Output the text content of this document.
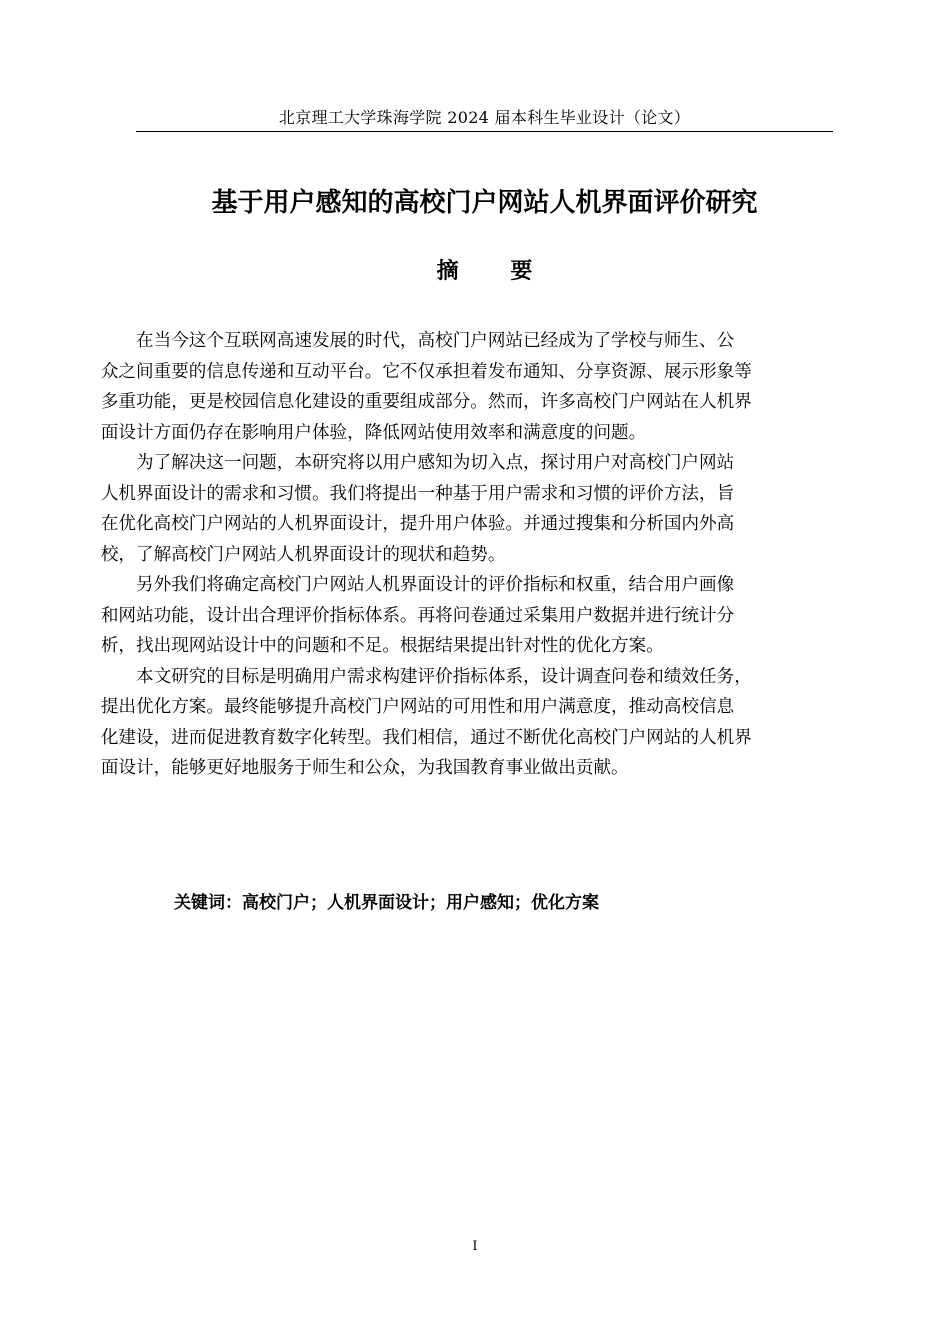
北京理工大学珠海学院 2024 届本科生毕业设计（论文）
基于用户感知的高校门户网站人机界面评价研究
摘 要

在当今这个互联网高速发展的时代，高校门户网站已经成为了学校与师生、公
众之间重要的信息传递和互动平台。它不仅承担着发布通知、分享资源、展示形象等
多重功能，更是校园信息化建设的重要组成部分。然而，许多高校门户网站在人机界
面设计方面仍存在影响用户体验，降低网站使用效率和满意度的问题。

为了解决这一问题，本研究将以用户感知为切入点，探讨用户对高校门户网站
人机界面设计的需求和习惯。我们将提出一种基于用户需求和习惯的评价方法，旨
在优化高校门户网站的人机界面设计，提升用户体验。并通过搜集和分析国内外高
校，了解高校门户网站人机界面设计的现状和趋势。

另外我们将确定高校门户网站人机界面设计的评价指标和权重，结合用户画像
和网站功能，设计出合理评价指标体系。再将问卷通过采集用户数据并进行统计分
析，找出现网站设计中的问题和不足。根据结果提出针对性的优化方案。

本文研究的目标是明确用户需求构建评价指标体系，设计调查问卷和绩效任务，
提出优化方案。最终能够提升高校门户网站的可用性和用户满意度，推动高校信息
化建设，进而促进教育数字化转型。我们相信，通过不断优化高校门户网站的人机界
面设计，能够更好地服务于师生和公众，为我国教育事业做出贡献。

关键词：高校门户；人机界面设计；用户感知；优化方案
I
